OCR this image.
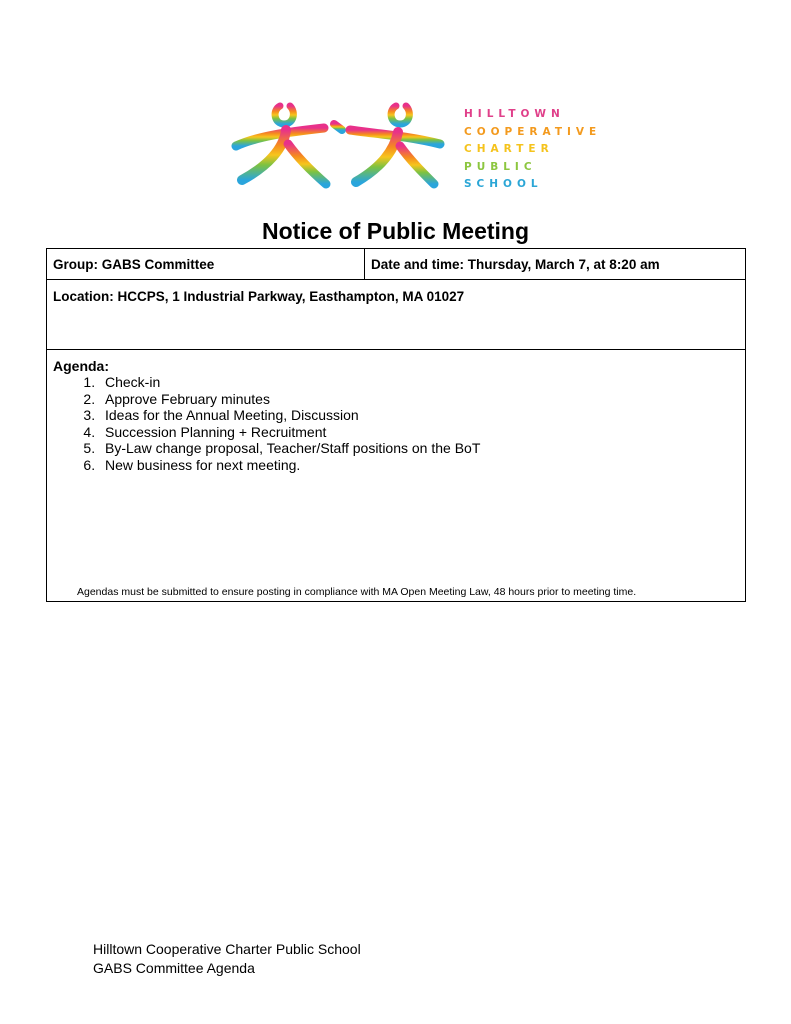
HILLTOWN
COOPERATIVE
CHARTER
PUBLIC
SCHOOL
Notice of Public Meeting
Group: GABS Committee	Date and time: Thursday, March 7, at 8:20 am
Location: HCCPS, 1 Industrial Parkway, Easthampton, MA 01027

Agenda:
1. Check-in
2. Approve February minutes
3. Ideas for the Annual Meeting, Discussion
4. Succession Planning + Recruitment
5. By-Law change proposal, Teacher/Staff positions on the BoT
6. New business for next meeting.
Agendas must be submitted to ensure posting in compliance with MA Open Meeting Law, 48 hours prior to meeting time.
Hilltown Cooperative Charter Public School
GABS Committee Agenda
